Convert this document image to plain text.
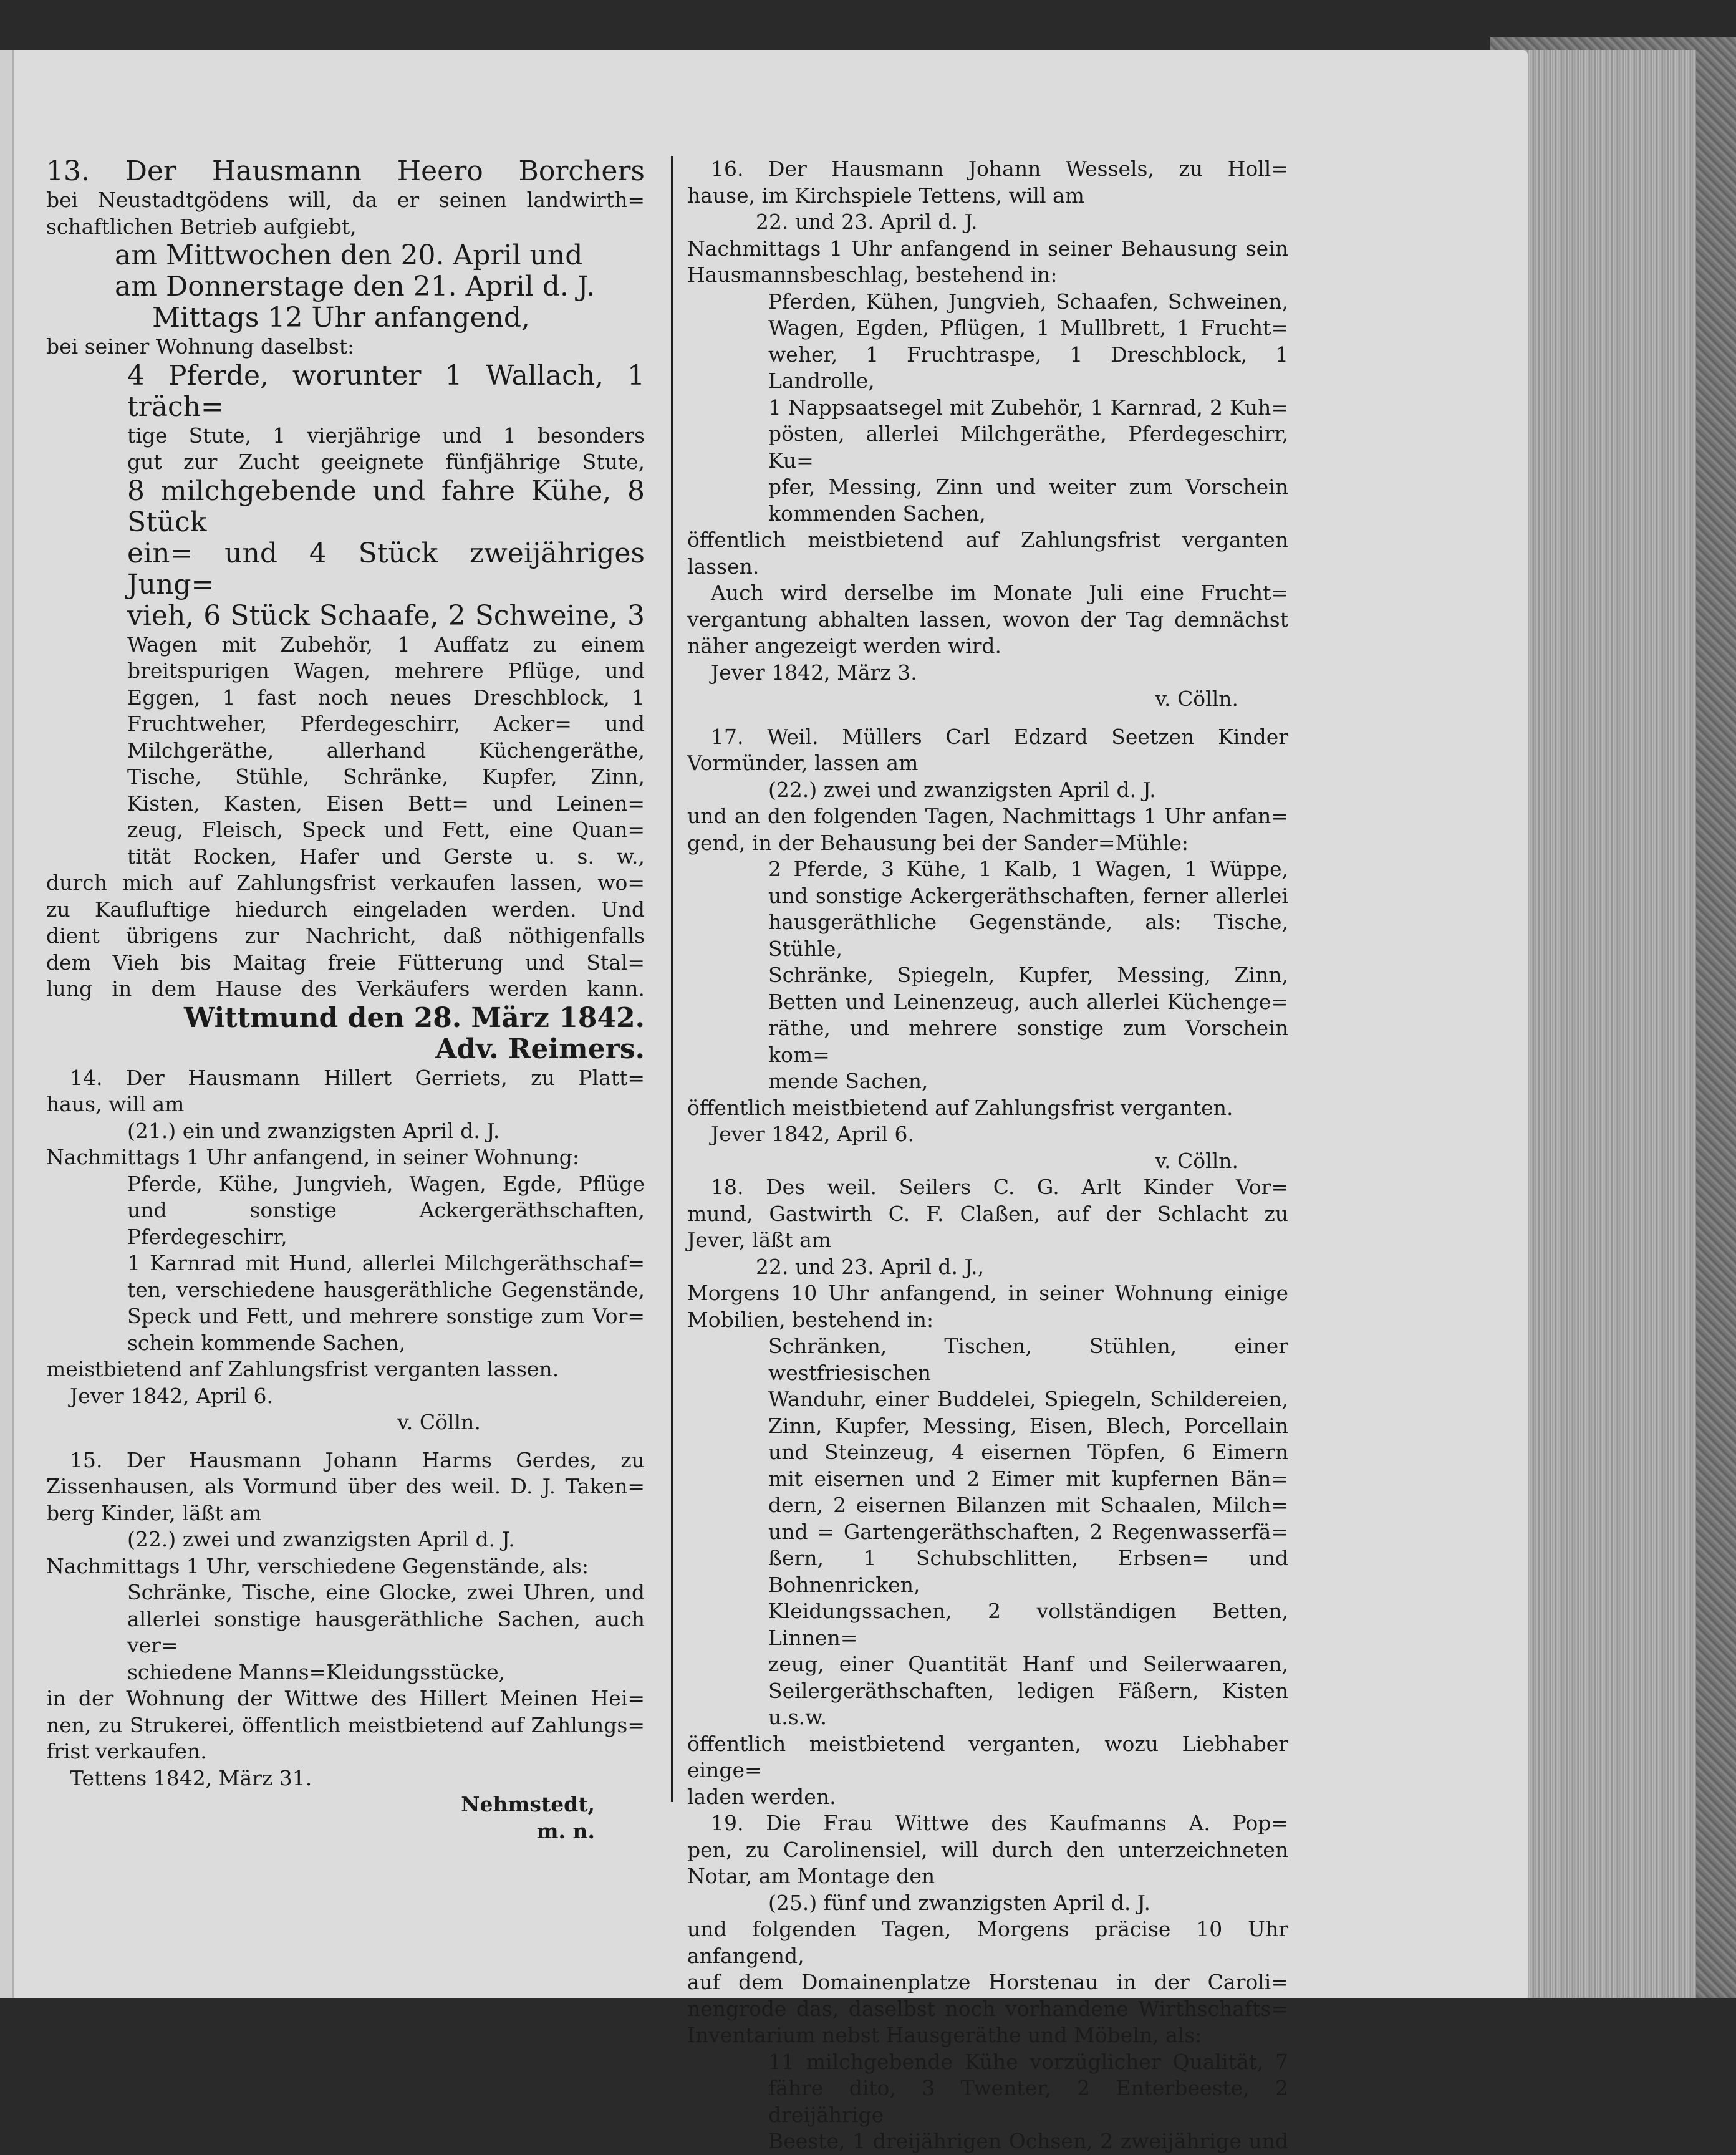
13. Der Hausmann Heero Borchers
bei Neustadtgödens will, da er seinen landwirth=
schaftlichen Betrieb aufgiebt,
am Mittwochen den 20. April und
am Donnerstage den 21. April d. J.
Mittags 12 Uhr anfangend,
bei seiner Wohnung daselbst:
4 Pferde, worunter 1 Wallach, 1 träch=
tige Stute, 1 vierjährige und 1 besonders
gut zur Zucht geeignete fünfjährige Stute,
8 milchgebende und fahre Kühe, 8 Stück
ein= und 4 Stück zweijähriges Jung=
vieh, 6 Stück Schaafe, 2 Schweine, 3
Wagen mit Zubehör, 1 Auffatz zu einem
breitspurigen Wagen, mehrere Pflüge, und
Eggen, 1 fast noch neues Dreschblock, 1
Fruchtweher, Pferdegeschirr, Acker= und
Milchgeräthe, allerhand Küchengeräthe,
Tische, Stühle, Schränke, Kupfer, Zinn,
Kisten, Kasten, Eisen Bett= und Leinen=
zeug, Fleisch, Speck und Fett, eine Quan=
tität Rocken, Hafer und Gerste u. s. w.,
durch mich auf Zahlungsfrist verkaufen lassen, wo=
zu Kaufluftige hiedurch eingeladen werden. Und
dient übrigens zur Nachricht, daß nöthigenfalls
dem Vieh bis Maitag freie Fütterung und Stal=
lung in dem Hause des Verkäufers werden kann.
Wittmund den 28. März 1842.
Adv. Reimers.
14. Der Hausmann Hillert Gerriets, zu Platt=
haus, will am
(21.) ein und zwanzigsten April d. J.
Nachmittags 1 Uhr anfangend, in seiner Wohnung:
Pferde, Kühe, Jungvieh, Wagen, Egde, Pflüge
und sonstige Ackergeräthschaften, Pferdegeschirr,
1 Karnrad mit Hund, allerlei Milchgeräthschaf=
ten, verschiedene hausgeräthliche Gegenstände,
Speck und Fett, und mehrere sonstige zum Vor=
schein kommende Sachen,
meistbietend anf Zahlungsfrist verganten lassen.
Jever 1842, April 6.
v. Cölln.
15. Der Hausmann Johann Harms Gerdes, zu
Zissenhausen, als Vormund über des weil. D. J. Taken=
berg Kinder, läßt am
(22.) zwei und zwanzigsten April d. J.
Nachmittags 1 Uhr, verschiedene Gegenstände, als:
Schränke, Tische, eine Glocke, zwei Uhren, und
allerlei sonstige hausgeräthliche Sachen, auch ver=
schiedene Manns=Kleidungsstücke,
in der Wohnung der Wittwe des Hillert Meinen Hei=
nen, zu Strukerei, öffentlich meistbietend auf Zahlungs=
frist verkaufen.
Tettens 1842, März 31.
Nehmstedt,
m. n.
16. Der Hausmann Johann Wessels, zu Holl=
hause, im Kirchspiele Tettens, will am
22. und 23. April d. J.
Nachmittags 1 Uhr anfangend in seiner Behausung sein
Hausmannsbeschlag, bestehend in:
Pferden, Kühen, Jungvieh, Schaafen, Schweinen,
Wagen, Egden, Pflügen, 1 Mullbrett, 1 Frucht=
weher, 1 Fruchtraspe, 1 Dreschblock, 1 Landrolle,
1 Nappsaatsegel mit Zubehör, 1 Karnrad, 2 Kuh=
pösten, allerlei Milchgeräthe, Pferdegeschirr, Ku=
pfer, Messing, Zinn und weiter zum Vorschein
kommenden Sachen,
öffentlich meistbietend auf Zahlungsfrist verganten lassen.
Auch wird derselbe im Monate Juli eine Frucht=
vergantung abhalten lassen, wovon der Tag demnächst
näher angezeigt werden wird.
Jever 1842, März 3.
v. Cölln.
17. Weil. Müllers Carl Edzard Seetzen Kinder
Vormünder, lassen am
(22.) zwei und zwanzigsten April d. J.
und an den folgenden Tagen, Nachmittags 1 Uhr anfan=
gend, in der Behausung bei der Sander=Mühle:
2 Pferde, 3 Kühe, 1 Kalb, 1 Wagen, 1 Wüppe,
und sonstige Ackergeräthschaften, ferner allerlei
hausgeräthliche Gegenstände, als: Tische, Stühle,
Schränke, Spiegeln, Kupfer, Messing, Zinn,
Betten und Leinenzeug, auch allerlei Küchenge=
räthe, und mehrere sonstige zum Vorschein kom=
mende Sachen,
öffentlich meistbietend auf Zahlungsfrist verganten.
Jever 1842, April 6.
v. Cölln.
18. Des weil. Seilers C. G. Arlt Kinder Vor=
mund, Gastwirth C. F. Claßen, auf der Schlacht zu
Jever, läßt am
22. und 23. April d. J.,
Morgens 10 Uhr anfangend, in seiner Wohnung einige
Mobilien, bestehend in:
Schränken, Tischen, Stühlen, einer westfriesischen
Wanduhr, einer Buddelei, Spiegeln, Schildereien,
Zinn, Kupfer, Messing, Eisen, Blech, Porcellain
und Steinzeug, 4 eisernen Töpfen, 6 Eimern
mit eisernen und 2 Eimer mit kupfernen Bän=
dern, 2 eisernen Bilanzen mit Schaalen, Milch=
und = Gartengeräthschaften, 2 Regenwasserfä=
ßern, 1 Schubschlitten, Erbsen= und Bohnenricken,
Kleidungssachen, 2 vollständigen Betten, Linnen=
zeug, einer Quantität Hanf und Seilerwaaren,
Seilergeräthschaften, ledigen Fäßern, Kisten u.s.w.
öffentlich meistbietend verganten, wozu Liebhaber einge=
laden werden.
19. Die Frau Wittwe des Kaufmanns A. Pop=
pen, zu Carolinensiel, will durch den unterzeichneten
Notar, am Montage den
(25.) fünf und zwanzigsten April d. J.
und folgenden Tagen, Morgens präcise 10 Uhr anfangend,
auf dem Domainenplatze Horstenau in der Caroli=
nengrode das, daselbst noch vorhandene Wirthschafts=
Inventarium nebst Hausgeräthe und Möbeln, als:
11 milchgebende Kühe vorzüglicher Qualität, 7
fähre dito, 3 Twenter, 2 Enterbeeste, 2 dreijährige
Beeste, 1 dreijährigen Ochsen, 2 zweijährige und
